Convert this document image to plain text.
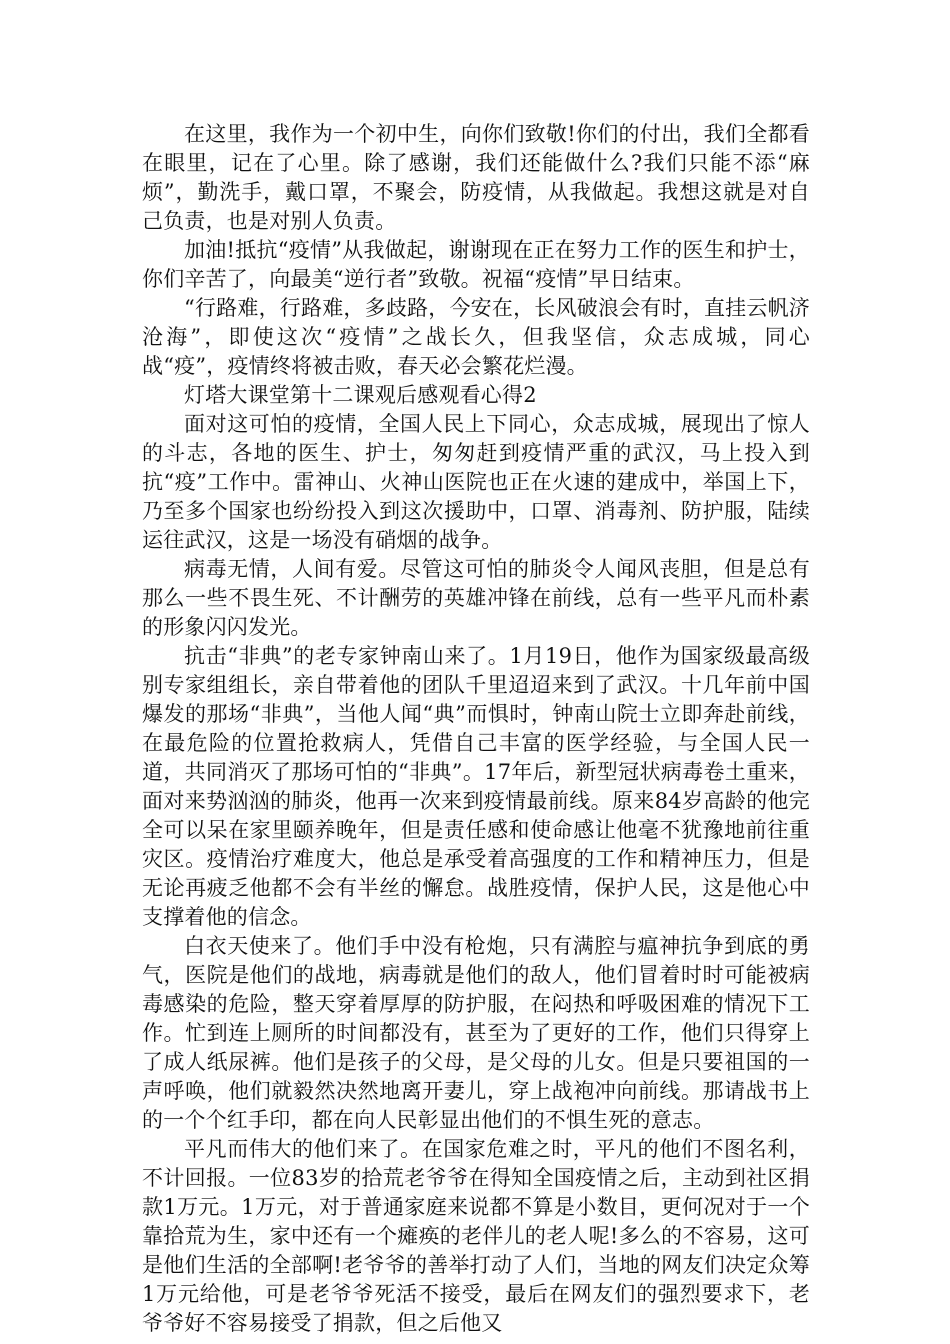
在这里，我作为一个初中生，向你们致敬!你们的付出，我们全都看在眼里，记在了心里。除了感谢，我们还能做什么?我们只能不添“麻烦”，勤洗手，戴口罩，不聚会，防疫情，从我做起。我想这就是对自己负责，也是对别人负责。

加油!抵抗“疫情”从我做起，谢谢现在正在努力工作的医生和护士，你们辛苦了，向最美“逆行者”致敬。祝福“疫情”早日结束。

“行路难，行路难，多歧路，今安在，长风破浪会有时，直挂云帆济沧海”，即使这次“疫情”之战长久，但我坚信，众志成城，同心战“疫”，疫情终将被击败，春天必会繁花烂漫。

灯塔大课堂第十二课观后感观看心得2

面对这可怕的疫情，全国人民上下同心，众志成城，展现出了惊人的斗志，各地的医生、护士，匆匆赶到疫情严重的武汉，马上投入到抗“疫”工作中。雷神山、火神山医院也正在火速的建成中，举国上下，乃至多个国家也纷纷投入到这次援助中，口罩、消毒剂、防护服，陆续运往武汉，这是一场没有硝烟的战争。

病毒无情，人间有爱。尽管这可怕的肺炎令人闻风丧胆，但是总有那么一些不畏生死、不计酬劳的英雄冲锋在前线，总有一些平凡而朴素的形象闪闪发光。

抗击“非典”的老专家钟南山来了。1月19日，他作为国家级最高级别专家组组长，亲自带着他的团队千里迢迢来到了武汉。十几年前中国爆发的那场“非典”，当他人闻“典”而惧时，钟南山院士立即奔赴前线，在最危险的位置抢救病人，凭借自己丰富的医学经验，与全国人民一道，共同消灭了那场可怕的“非典”。17年后，新型冠状病毒卷土重来，面对来势汹汹的肺炎，他再一次来到疫情最前线。原来84岁高龄的他完全可以呆在家里颐养晚年，但是责任感和使命感让他毫不犹豫地前往重灾区。疫情治疗难度大，他总是承受着高强度的工作和精神压力，但是无论再疲乏他都不会有半丝的懈怠。战胜疫情，保护人民，这是他心中支撑着他的信念。

白衣天使来了。他们手中没有枪炮，只有满腔与瘟神抗争到底的勇气，医院是他们的战地，病毒就是他们的敌人，他们冒着时时可能被病毒感染的危险，整天穿着厚厚的防护服，在闷热和呼吸困难的情况下工作。忙到连上厕所的时间都没有，甚至为了更好的工作，他们只得穿上了成人纸尿裤。他们是孩子的父母，是父母的儿女。但是只要祖国的一声呼唤，他们就毅然决然地离开妻儿，穿上战袍冲向前线。那请战书上的一个个红手印，都在向人民彰显出他们的不惧生死的意志。

平凡而伟大的他们来了。在国家危难之时，平凡的他们不图名利，不计回报。一位83岁的拾荒老爷爷在得知全国疫情之后，主动到社区捐款1万元。1万元，对于普通家庭来说都不算是小数目，更何况对于一个靠拾荒为生，家中还有一个瘫痪的老伴儿的老人呢!多么的不容易，这可是他们生活的全部啊!老爷爷的善举打动了人们，当地的网友们决定众筹1万元给他，可是老爷爷死活不接受，最后在网友们的强烈要求下，老爷爷好不容易接受了捐款，但之后他又
